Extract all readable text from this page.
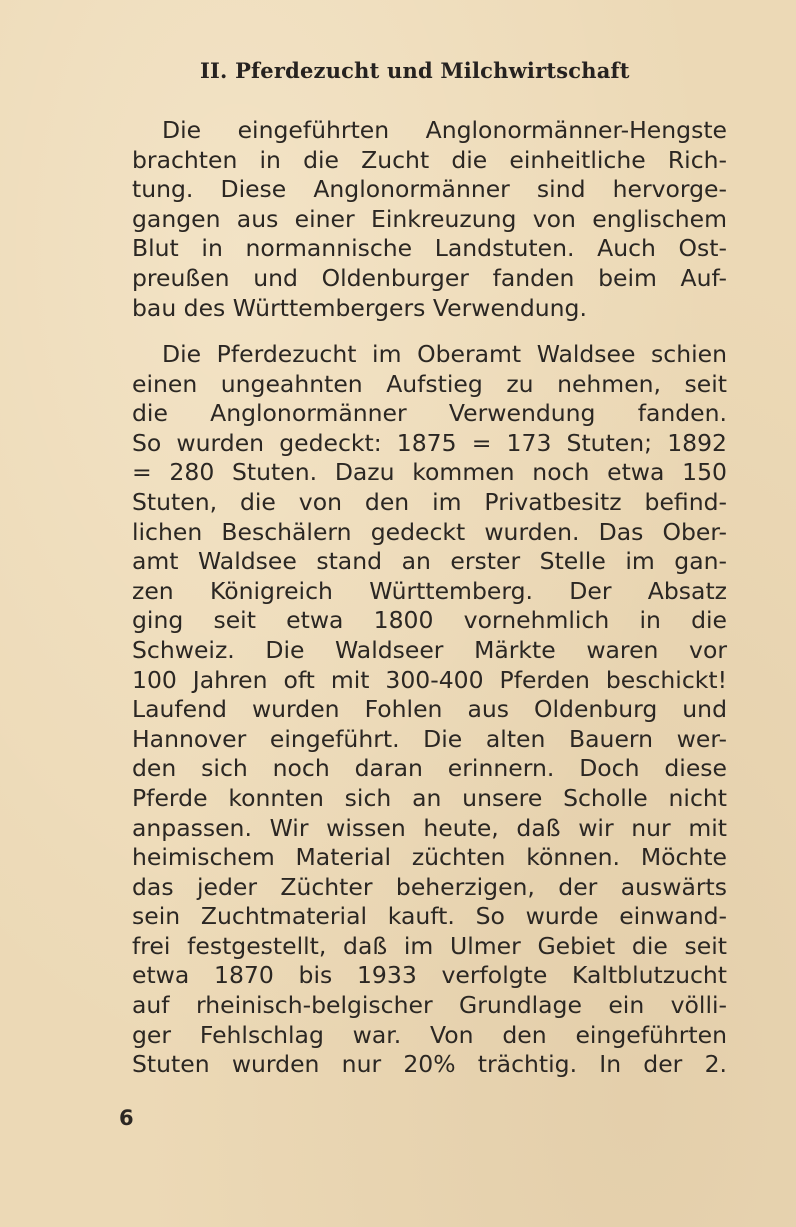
II. Pferdezucht und Milchwirtschaft
Die eingeführten Anglonormänner-Hengste
brachten in die Zucht die einheitliche Rich-
tung. Diese Anglonormänner sind hervorge-
gangen aus einer Einkreuzung von englischem
Blut in normannische Landstuten. Auch Ost-
preußen und Oldenburger fanden beim Auf-
bau des Württembergers Verwendung.
Die Pferdezucht im Oberamt Waldsee schien
einen ungeahnten Aufstieg zu nehmen, seit
die Anglonormänner Verwendung fanden.
So wurden gedeckt: 1875 = 173 Stuten; 1892
= 280 Stuten. Dazu kommen noch etwa 150
Stuten, die von den im Privatbesitz befind-
lichen Beschälern gedeckt wurden. Das Ober-
amt Waldsee stand an erster Stelle im gan-
zen Königreich Württemberg. Der Absatz
ging seit etwa 1800 vornehmlich in die
Schweiz. Die Waldseer Märkte waren vor
100 Jahren oft mit 300-400 Pferden beschickt!
Laufend wurden Fohlen aus Oldenburg und
Hannover eingeführt. Die alten Bauern wer-
den sich noch daran erinnern. Doch diese
Pferde konnten sich an unsere Scholle nicht
anpassen. Wir wissen heute, daß wir nur mit
heimischem Material züchten können. Möchte
das jeder Züchter beherzigen, der auswärts
sein Zuchtmaterial kauft. So wurde einwand-
frei festgestellt, daß im Ulmer Gebiet die seit
etwa 1870 bis 1933 verfolgte Kaltblutzucht
auf rheinisch-belgischer Grundlage ein völli-
ger Fehlschlag war. Von den eingeführten
Stuten wurden nur 20% trächtig. In der 2.
6
